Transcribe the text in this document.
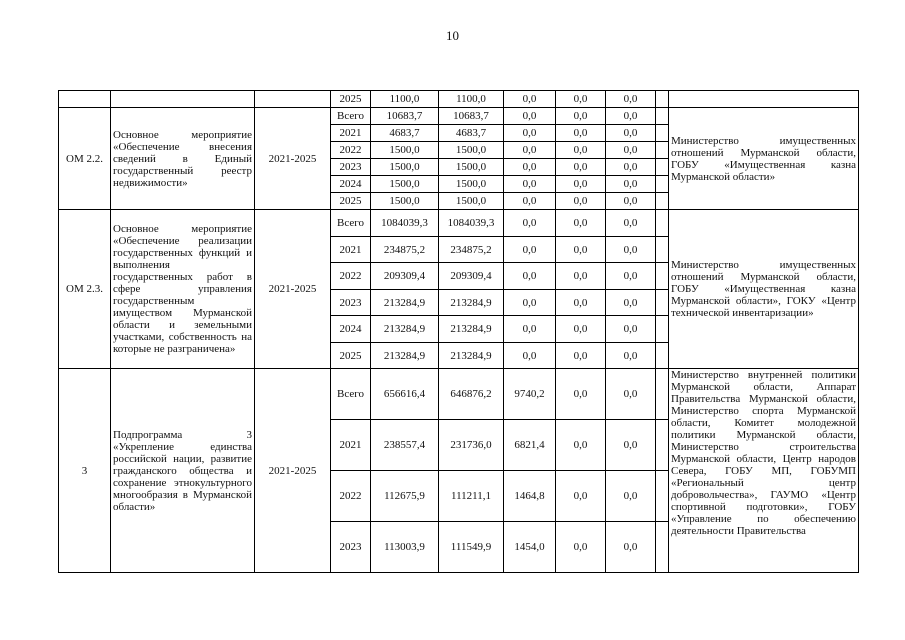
10
			2025	1100,0	1100,0	0,0	0,0	0,0		
ОМ 2.2.	Основное мероприятие «Обеспечение внесения сведений в Единый государственный реестр недвижимости»	2021-2025	Всего	10683,7	10683,7	0,0	0,0	0,0		Министерство имущественных отношений Мурманской области, ГОБУ «Имущественная казна Мурманской области»
			2021	4683,7	4683,7	0,0	0,0	0,0		
			2022	1500,0	1500,0	0,0	0,0	0,0		
			2023	1500,0	1500,0	0,0	0,0	0,0		
			2024	1500,0	1500,0	0,0	0,0	0,0		
			2025	1500,0	1500,0	0,0	0,0	0,0		
ОМ 2.3.	Основное мероприятие «Обеспечение реализации государственных функций и выполнения государственных работ в сфере управления государственным имуществом Мурманской области и земельными участками, собственность на которые не разграничена»	2021-2025	Всего	1084039,3	1084039,3	0,0	0,0	0,0		Министерство имущественных отношений Мурманской области, ГОБУ «Имущественная казна Мурманской области», ГОКУ «Центр технической инвентаризации»
			2021	234875,2	234875,2	0,0	0,0	0,0		
			2022	209309,4	209309,4	0,0	0,0	0,0		
			2023	213284,9	213284,9	0,0	0,0	0,0		
			2024	213284,9	213284,9	0,0	0,0	0,0		
			2025	213284,9	213284,9	0,0	0,0	0,0		
3	Подпрограмма 3 «Укрепление единства российской нации, развитие гражданского общества и сохранение этнокультурного многообразия в Мурманской области»	2021-2025	Всего	656616,4	646876,2	9740,2	0,0	0,0		Министерство внутренней политики Мурманской области, Аппарат Правительства Мурманской области, Министерство спорта Мурманской области, Комитет молодежной политики Мурманской области, Министерство строительства Мурманской области, Центр народов Севера, ГОБУ МП, ГОБУМП «Региональный центр добровольчества», ГАУМО «Центр спортивной подготовки», ГОБУ «Управление по обеспечению деятельности Правительства
			2021	238557,4	231736,0	6821,4	0,0	0,0		
			2022	112675,9	111211,1	1464,8	0,0	0,0		
			2023	113003,9	111549,9	1454,0	0,0	0,0		
